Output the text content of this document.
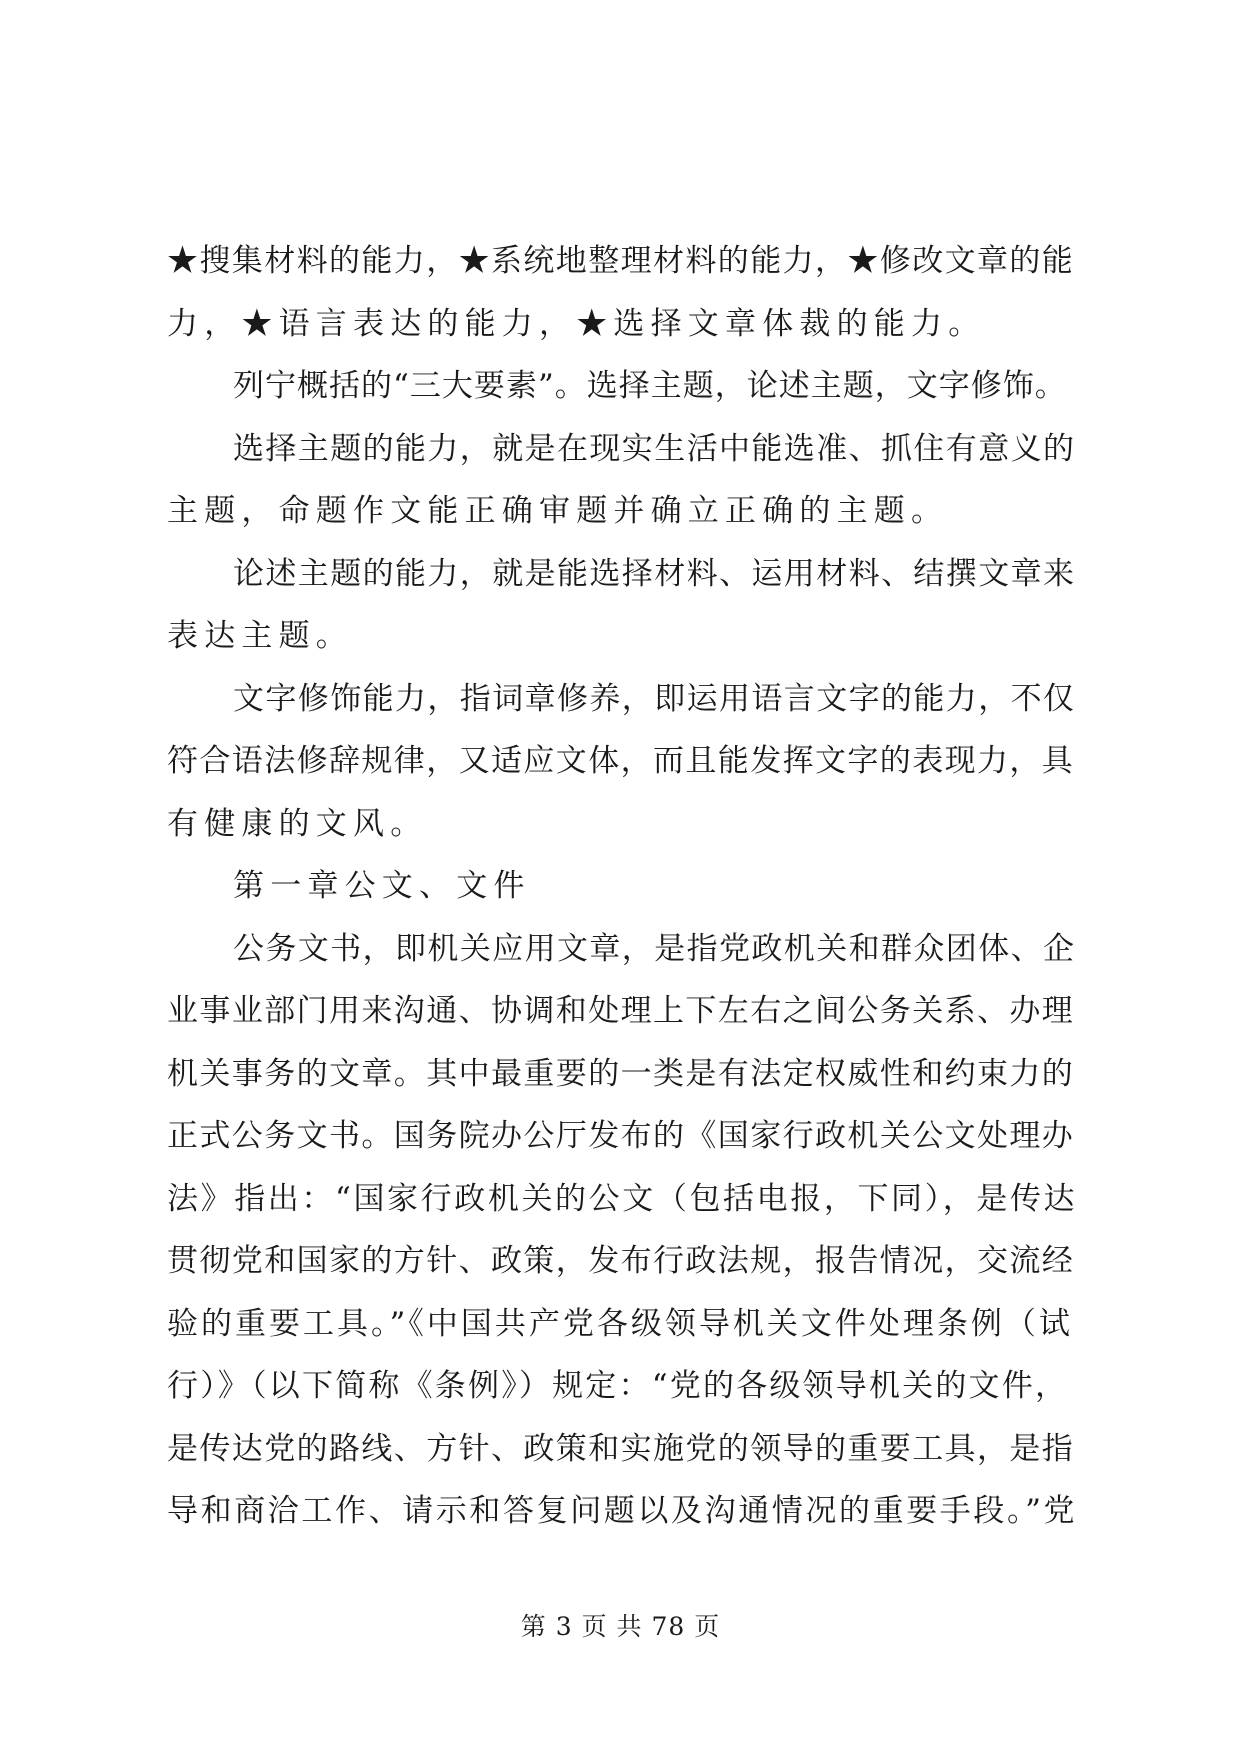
★搜集材料的能力，★系统地整理材料的能力，★修改文章的能
力，★语言表达的能力，★选择文章体裁的能力。
列宁概括的“三大要素”。选择主题，论述主题，文字修饰。
选择主题的能力，就是在现实生活中能选准、抓住有意义的
主题，命题作文能正确审题并确立正确的主题。
论述主题的能力，就是能选择材料、运用材料、结撰文章来
表达主题。
文字修饰能力，指词章修养，即运用语言文字的能力，不仅
符合语法修辞规律，又适应文体，而且能发挥文字的表现力，具
有健康的文风。
第一章公文、文件
公务文书，即机关应用文章，是指党政机关和群众团体、企
业事业部门用来沟通、协调和处理上下左右之间公务关系、办理
机关事务的文章。其中最重要的一类是有法定权威性和约束力的
正式公务文书。国务院办公厅发布的《国家行政机关公文处理办
法》指出：“国家行政机关的公文（包括电报，下同），是传达
贯彻党和国家的方针、政策，发布行政法规，报告情况，交流经
验的重要工具。”《中国共产党各级领导机关文件处理条例（试
行）》（以下简称《条例》）规定：“党的各级领导机关的文件，
是传达党的路线、方针、政策和实施党的领导的重要工具，是指
导和商洽工作、请示和答复问题以及沟通情况的重要手段。”党
第 3 页 共 78 页
